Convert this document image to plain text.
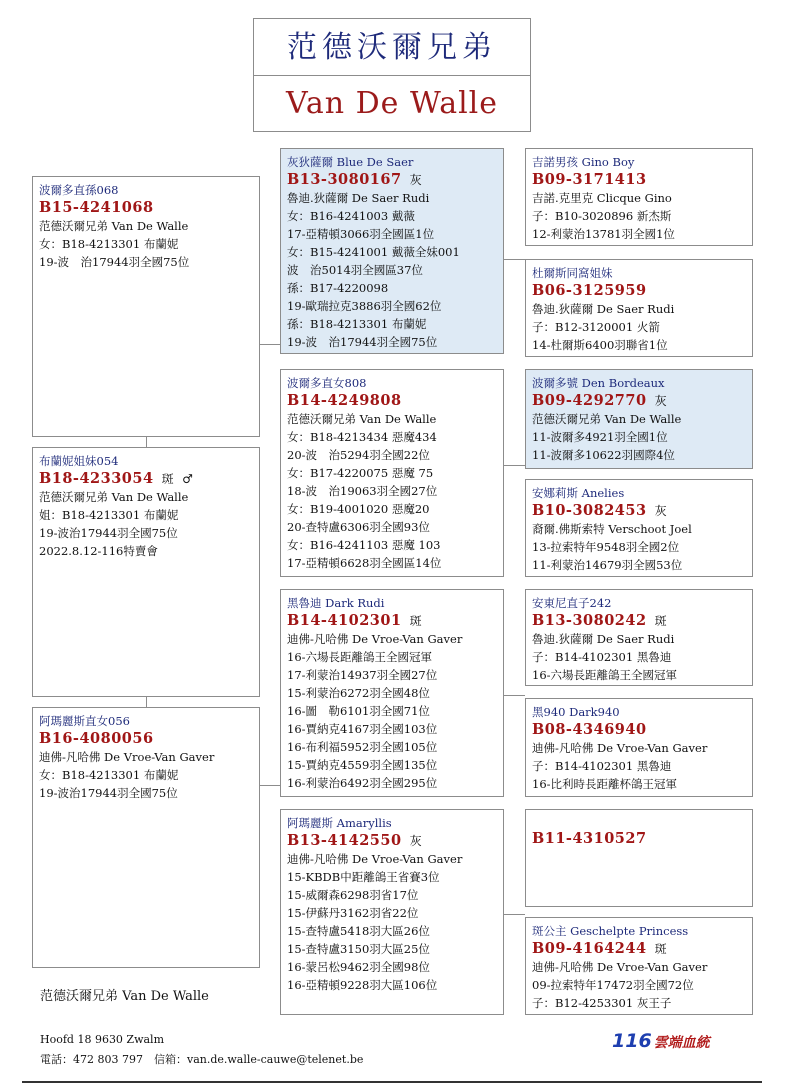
范德沃爾兄弟
Van De Walle
布蘭妮姐妹054
B18-4233054 斑 ♂
范德沃爾兄弟 Van De Walle
姐：B18-4213301 布蘭妮
19-波治17944羽全國75位
2022.8.12-116特賣會
波爾多直孫068
B15-4241068
范德沃爾兄弟 Van De Walle
女：B18-4213301 布蘭妮
19-波　治17944羽全國75位
阿瑪麗斯直女056
B16-4080056
迪佛-凡哈佛 De Vroe-Van Gaver
女：B18-4213301 布蘭妮
19-波治17944羽全國75位
灰狄薩爾 Blue De Saer
B13-3080167 灰
魯迪.狄薩爾 De Saer Rudi
女：B16-4241003 戴薇
17-亞精頓3066羽全國區1位
女：B15-4241001 戴薇全妹001
波　治5014羽全國區37位
孫：B17-4220098
19-歐瑞拉克3886羽全國62位
孫：B18-4213301 布蘭妮
19-波　治17944羽全國75位
波爾多直女808
B14-4249808
范德沃爾兄弟 Van De Walle
女：B18-4213434 惡魔434
20-波　治5294羽全國22位
女：B17-4220075 惡魔 75
18-波　治19063羽全國27位
女：B19-4001020 惡魔20
20-查特盧6306羽全國93位
女：B16-4241103 惡魔 103
17-亞精頓6628羽全國區14位
黑魯迪 Dark Rudi
B14-4102301 斑
迪佛-凡哈佛 De Vroe-Van Gaver
16-六場長距離鴿王全國冠軍
17-利蒙治14937羽全國27位
15-利蒙治6272羽全國48位
16-圖　勒6101羽全國71位
16-賈納克4167羽全國103位
16-布利福5952羽全國105位
15-賈納克4559羽全國135位
16-利蒙治6492羽全國295位
阿瑪麗斯 Amaryllis
B13-4142550 灰
迪佛-凡哈佛 De Vroe-Van Gaver
15-KBDB中距離鴿王省賽3位
15-威爾森6298羽省17位
15-伊蘇丹3162羽省22位
15-查特盧5418羽大區26位
15-查特盧3150羽大區25位
16-蒙呂松9462羽全國98位
16-亞精頓9228羽大區106位
吉諾男孩 Gino Boy
B09-3171413
吉諾.克里克 Clicque Gino
子：B10-3020896 新杰斯
12-利蒙治13781羽全國1位
杜爾斯同窩姐妹
B06-3125959
魯迪.狄薩爾 De Saer Rudi
子：B12-3120001 火箭
14-杜爾斯6400羽聯省1位
波爾多號 Den Bordeaux
B09-4292770 灰
范德沃爾兄弟 Van De Walle
11-波爾多4921羽全國1位
11-波爾多10622羽國際4位
安娜莉斯 Anelies
B10-3082453 灰
裔爾.佛斯索特 Verschoot Joel
13-拉索特年9548羽全國2位
11-利蒙治14679羽全國53位
安東尼直子242
B13-3080242 斑
魯迪.狄薩爾 De Saer Rudi
子：B14-4102301 黑魯迪
16-六場長距離鴿王全國冠軍
黑940 Dark940
B08-4346940
迪佛-凡哈佛 De Vroe-Van Gaver
子：B14-4102301 黑魯迪
16-比利時長距離杯鴿王冠軍
B11-4310527
斑公主 Geschelpte Princess
B09-4164244 斑
迪佛-凡哈佛 De Vroe-Van Gaver
09-拉索特年17472羽全國72位
子：B12-4253301 灰王子
范德沃爾兄弟 Van De Walle
Hoofd 18 9630 Zwalm
電話：472 803 797　信箱：van.de.walle-cauwe@telenet.be
116 雲端血統
